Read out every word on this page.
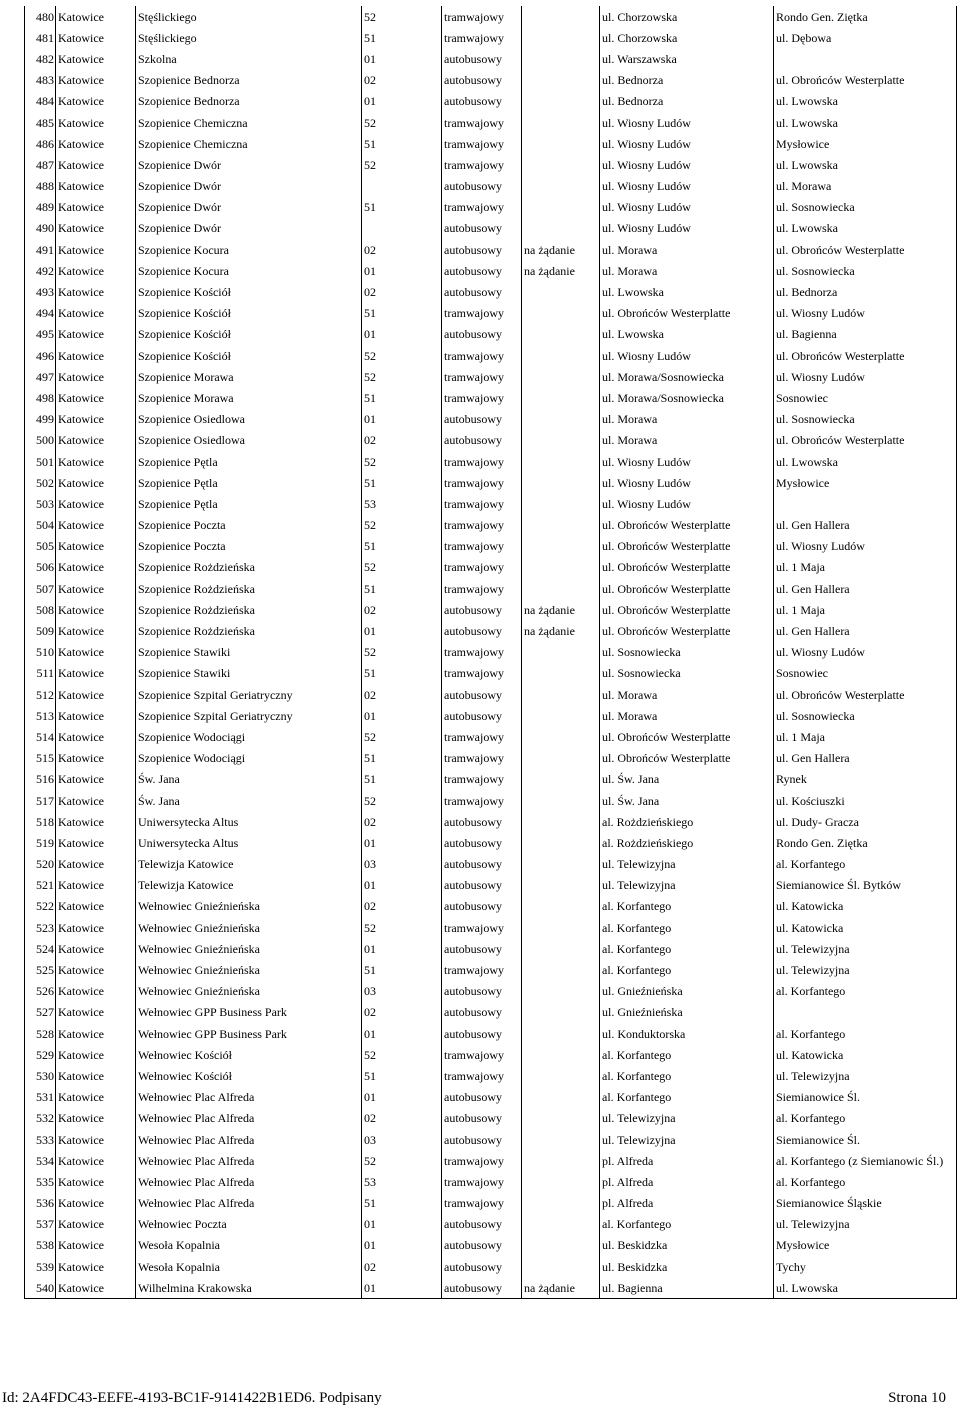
480	Katowice	Stęślickiego	52	tramwajowy		ul. Chorzowska	Rondo Gen. Ziętka
481	Katowice	Stęślickiego	51	tramwajowy		ul. Chorzowska	ul. Dębowa
482	Katowice	Szkolna	01	autobusowy		ul. Warszawska	
483	Katowice	Szopienice Bednorza	02	autobusowy		ul. Bednorza	ul. Obrońców Westerplatte
484	Katowice	Szopienice Bednorza	01	autobusowy		ul. Bednorza	ul. Lwowska
485	Katowice	Szopienice Chemiczna	52	tramwajowy		ul. Wiosny Ludów	ul. Lwowska
486	Katowice	Szopienice Chemiczna	51	tramwajowy		ul. Wiosny Ludów	Mysłowice
487	Katowice	Szopienice Dwór	52	tramwajowy		ul. Wiosny Ludów	ul. Lwowska
488	Katowice	Szopienice Dwór		autobusowy		ul. Wiosny Ludów	ul. Morawa
489	Katowice	Szopienice Dwór	51	tramwajowy		ul. Wiosny Ludów	ul. Sosnowiecka
490	Katowice	Szopienice Dwór		autobusowy		ul. Wiosny Ludów	ul. Lwowska
491	Katowice	Szopienice Kocura	02	autobusowy	na żądanie	ul. Morawa	ul. Obrońców Westerplatte
492	Katowice	Szopienice Kocura	01	autobusowy	na żądanie	ul. Morawa	ul. Sosnowiecka
493	Katowice	Szopienice Kościół	02	autobusowy		ul. Lwowska	ul. Bednorza
494	Katowice	Szopienice Kościół	51	tramwajowy		ul. Obrońców Westerplatte	ul. Wiosny Ludów
495	Katowice	Szopienice Kościół	01	autobusowy		ul. Lwowska	ul. Bagienna
496	Katowice	Szopienice Kościół	52	tramwajowy		ul. Wiosny Ludów	ul. Obrońców Westerplatte
497	Katowice	Szopienice Morawa	52	tramwajowy		ul. Morawa/Sosnowiecka	ul. Wiosny Ludów
498	Katowice	Szopienice Morawa	51	tramwajowy		ul. Morawa/Sosnowiecka	Sosnowiec
499	Katowice	Szopienice Osiedlowa	01	autobusowy		ul. Morawa	ul. Sosnowiecka
500	Katowice	Szopienice Osiedlowa	02	autobusowy		ul. Morawa	ul. Obrońców Westerplatte
501	Katowice	Szopienice Pętla	52	tramwajowy		ul. Wiosny Ludów	ul. Lwowska
502	Katowice	Szopienice Pętla	51	tramwajowy		ul. Wiosny Ludów	Mysłowice
503	Katowice	Szopienice Pętla	53	tramwajowy		ul. Wiosny Ludów	
504	Katowice	Szopienice Poczta	52	tramwajowy		ul. Obrońców Westerplatte	ul. Gen Hallera
505	Katowice	Szopienice Poczta	51	tramwajowy		ul. Obrońców Westerplatte	ul. Wiosny Ludów
506	Katowice	Szopienice Rożdzieńska	52	tramwajowy		ul. Obrońców Westerplatte	ul. 1 Maja
507	Katowice	Szopienice Rożdzieńska	51	tramwajowy		ul. Obrońców Westerplatte	ul. Gen Hallera
508	Katowice	Szopienice Rożdzieńska	02	autobusowy	na żądanie	ul. Obrońców Westerplatte	ul. 1 Maja
509	Katowice	Szopienice Rożdzieńska	01	autobusowy	na żądanie	ul. Obrońców Westerplatte	ul. Gen Hallera
510	Katowice	Szopienice Stawiki	52	tramwajowy		ul. Sosnowiecka	ul. Wiosny Ludów
511	Katowice	Szopienice Stawiki	51	tramwajowy		ul. Sosnowiecka	Sosnowiec
512	Katowice	Szopienice Szpital Geriatryczny	02	autobusowy		ul. Morawa	ul. Obrońców Westerplatte
513	Katowice	Szopienice Szpital Geriatryczny	01	autobusowy		ul. Morawa	ul. Sosnowiecka
514	Katowice	Szopienice Wodociągi	52	tramwajowy		ul. Obrońców Westerplatte	ul. 1 Maja
515	Katowice	Szopienice Wodociągi	51	tramwajowy		ul. Obrońców Westerplatte	ul. Gen Hallera
516	Katowice	Św. Jana	51	tramwajowy		ul. Św. Jana	Rynek
517	Katowice	Św. Jana	52	tramwajowy		ul. Św. Jana	ul. Kościuszki
518	Katowice	Uniwersytecka Altus	02	autobusowy		al. Rożdzieńskiego	ul. Dudy- Gracza
519	Katowice	Uniwersytecka Altus	01	autobusowy		al. Rożdzieńskiego	Rondo Gen. Ziętka
520	Katowice	Telewizja Katowice	03	autobusowy		ul. Telewizyjna	al. Korfantego
521	Katowice	Telewizja Katowice	01	autobusowy		ul. Telewizyjna	Siemianowice Śl. Bytków
522	Katowice	Wełnowiec Gnieźnieńska	02	autobusowy		al. Korfantego	ul. Katowicka
523	Katowice	Wełnowiec Gnieźnieńska	52	tramwajowy		al. Korfantego	ul. Katowicka
524	Katowice	Wełnowiec Gnieźnieńska	01	autobusowy		al. Korfantego	ul. Telewizyjna
525	Katowice	Wełnowiec Gnieźnieńska	51	tramwajowy		al. Korfantego	ul. Telewizyjna
526	Katowice	Wełnowiec Gnieźnieńska	03	autobusowy		ul. Gnieźnieńska	al. Korfantego
527	Katowice	Wełnowiec GPP Business Park	02	autobusowy		ul. Gnieźnieńska	
528	Katowice	Wełnowiec GPP Business Park	01	autobusowy		ul. Konduktorska	al. Korfantego
529	Katowice	Wełnowiec Kościół	52	tramwajowy		al. Korfantego	ul. Katowicka
530	Katowice	Wełnowiec Kościół	51	tramwajowy		al. Korfantego	ul. Telewizyjna
531	Katowice	Wełnowiec Plac Alfreda	01	autobusowy		al. Korfantego	Siemianowice Śl.
532	Katowice	Wełnowiec Plac Alfreda	02	autobusowy		ul. Telewizyjna	al. Korfantego
533	Katowice	Wełnowiec Plac Alfreda	03	autobusowy		ul. Telewizyjna	Siemianowice Śl.
534	Katowice	Wełnowiec Plac Alfreda	52	tramwajowy		pl. Alfreda	al. Korfantego (z Siemianowic Śl.)
535	Katowice	Wełnowiec Plac Alfreda	53	tramwajowy		pl. Alfreda	al. Korfantego
536	Katowice	Wełnowiec Plac Alfreda	51	tramwajowy		pl. Alfreda	Siemianowice Śląskie
537	Katowice	Wełnowiec Poczta	01	autobusowy		al. Korfantego	ul. Telewizyjna
538	Katowice	Wesoła Kopalnia	01	autobusowy		ul. Beskidzka	Mysłowice
539	Katowice	Wesoła Kopalnia	02	autobusowy		ul. Beskidzka	Tychy
540	Katowice	Wilhelmina Krakowska	01	autobusowy	na żądanie	ul. Bagienna	ul. Lwowska
Id: 2A4FDC43-EEFE-4193-BC1F-9141422B1ED6. Podpisany	Strona 10
